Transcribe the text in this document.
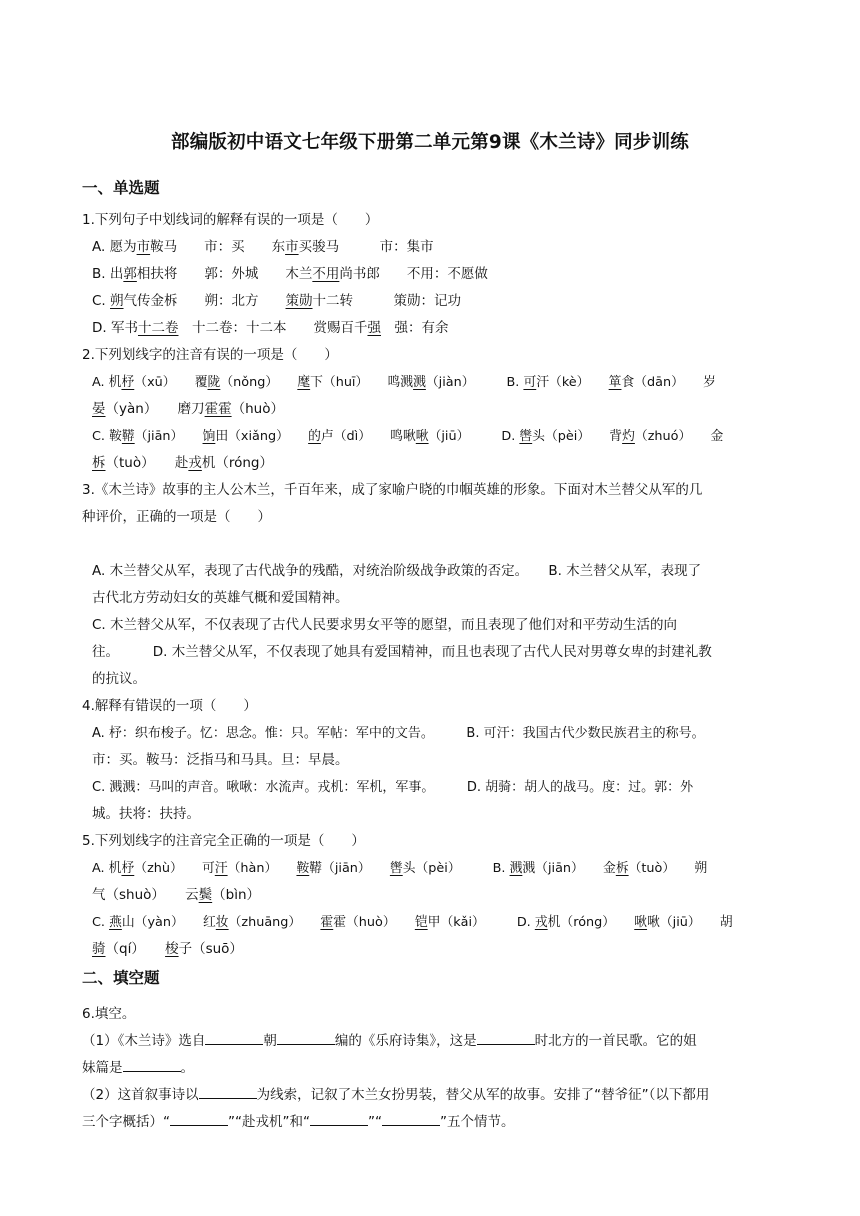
部编版初中语文七年级下册第二单元第9课《木兰诗》同步训练
一、单选题
1.下列句子中划线词的解释有误的一项是（　　）
A. 愿为市鞍马　　市：买　　东市买骏马　　　市：集市
B. 出郭相扶将　　郭：外城　　木兰不用尚书郎　　不用：不愿做
C. 朔气传金柝　　朔：北方　　策勋十二转　　　策勋：记功
D. 军书十二卷　十二卷：十二本　　赏赐百千强　强：有余
2.下列划线字的注音有误的一项是（　　）
A. 机杼（xū）　　覆陇（nǒng）　　麾下（huī）　　鸣溅溅（jiàn）　　　B. 可汗（kè）　　箪食（dān）　　岁
晏（yàn）　　磨刀霍霍（huò）
C. 鞍鞯（jiān）　　饷田（xiǎng）　　的卢（dì）　　鸣啾啾（jiū）　　　D. 辔头（pèi）　　背灼（zhuó）　　金
柝（tuò）　　赴戎机（róng）
3.《木兰诗》故事的主人公木兰，千百年来，成了家喻户晓的巾帼英雄的形象。下面对木兰替父从军的几
种评价，正确的一项是（　　）
A. 木兰替父从军，表现了古代战争的残酷，对统治阶级战争政策的否定。　　B. 木兰替父从军，表现了
古代北方劳动妇女的英雄气概和爱国精神。
C. 木兰替父从军，不仅表现了古代人民要求男女平等的愿望，而且表现了他们对和平劳动生活的向
往。　　　D. 木兰替父从军，不仅表现了她具有爱国精神，而且也表现了古代人民对男尊女卑的封建礼教
的抗议。
4.解释有错误的一项（　　）
A. 杼：织布梭子。忆：思念。惟：只。军帖：军中的文告。　　　B. 可汗：我国古代少数民族君主的称号。
市：买。鞍马：泛指马和马具。旦：早晨。
C. 溅溅：马叫的声音。啾啾：水流声。戎机：军机，军事。　　　D. 胡骑：胡人的战马。度：过。郭：外
城。扶将：扶持。
5.下列划线字的注音完全正确的一项是（　　）
A. 机杼（zhù）　　可汗（hàn）　　鞍鞯（jiān）　　辔头（pèi）　　　B. 溅溅（jiān）　　金柝（tuò）　　朔
气（shuò）　　云鬓（bìn）
C. 燕山（yàn）　　红妆（zhuāng）　　霍霍（huò）　　铠甲（kǎi）　　　D. 戎机（róng）　　啾啾（jiū）　　胡
骑（qí）　　梭子（suō）
二、填空题
6.填空。
（1）《木兰诗》选自	朝	编的《乐府诗集》，这是	时北方的一首民歌。它的姐
妹篇是	。
（2）这首叙事诗以	为线索，记叙了木兰女扮男装，替父从军的故事。安排了“替爷征”（以下都用
三个字概括）“	”“赴戎机”和“	”“	”五个情节。
